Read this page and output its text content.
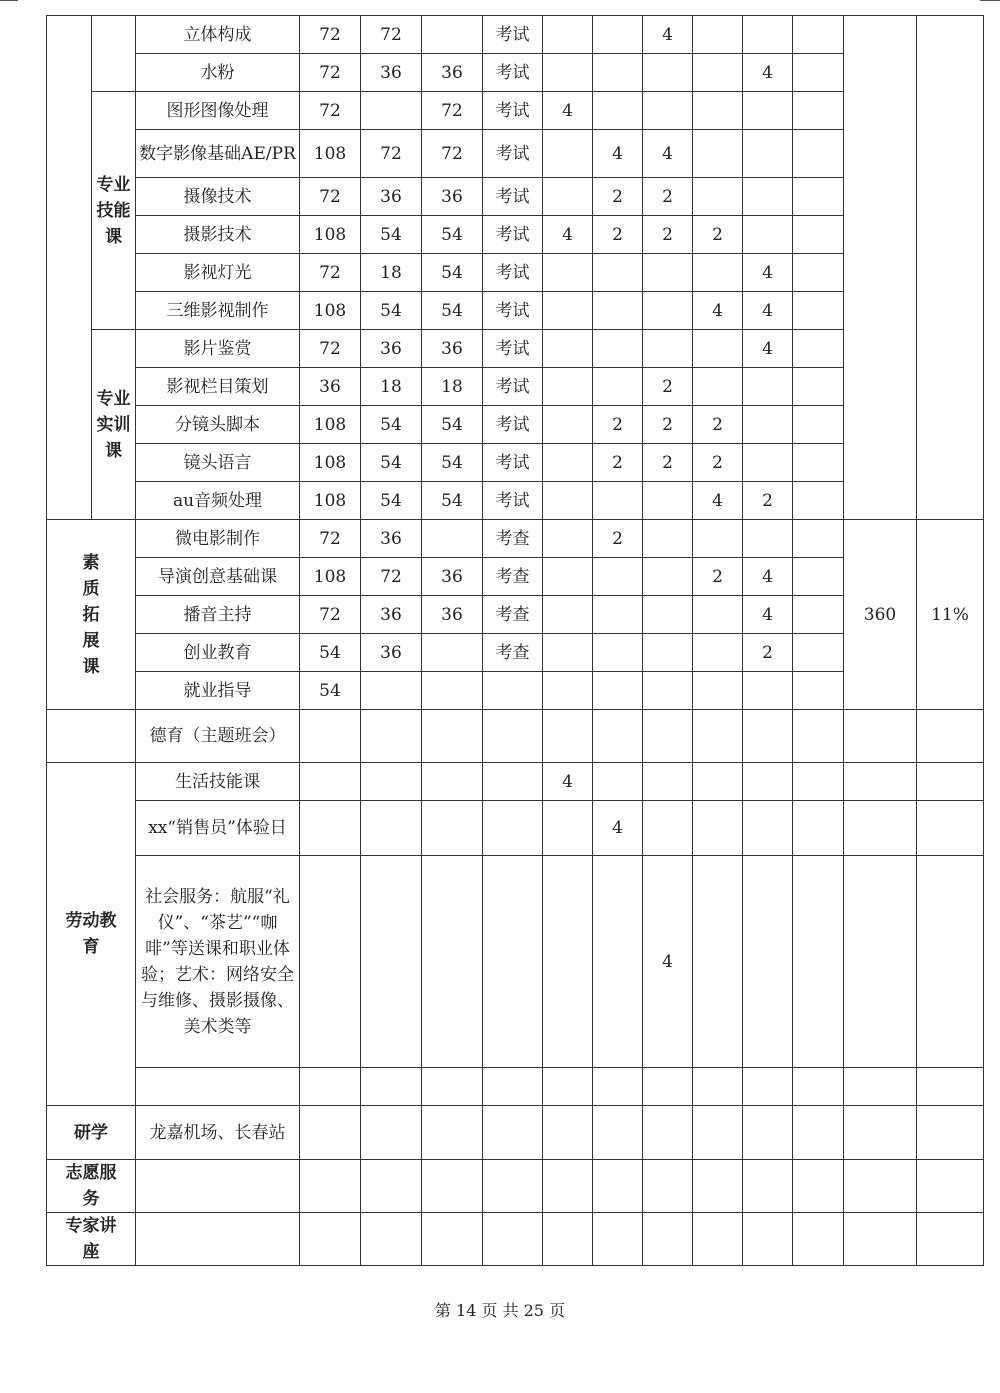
		立体构成	72	72		考试			4					
		水粉	72	36	36	考试					4			
	专业技能课	图形图像处理	72		72	考试	4							
		数字影像基础AE/PR	108	72	72	考试		4	4					
		摄像技术	72	36	36	考试		2	2					
		摄影技术	108	54	54	考试	4	2	2	2				
		影视灯光	72	18	54	考试					4			
		三维影视制作	108	54	54	考试				4	4			
	专业实训课	影片鉴赏	72	36	36	考试					4			
		影视栏目策划	36	18	18	考试			2					
		分镜头脚本	108	54	54	考试		2	2	2				
		镜头语言	108	54	54	考试		2	2	2				
		au音频处理	108	54	54	考试				4	2			

素质拓展课		微电影制作	72	36		考查		2					360	11%
		导演创意基础课	108	72	36	考查				2	4			
		播音主持	72	36	36	考查					4			
		创业教育	54	36		考查					2			
		就业指导	54											
		德育（主题班会）												

劳动教育		生活技能课					4							
		xx“销售员”体验日						4						
		社会服务：航服“礼仪”、“茶艺”“咖啡”等送课和职业体验；艺术：网络安全与维修、摄影摄像、美术类等							4					

研学		龙嘉机场、长春站												

志愿服务														

专家讲座														

第 14 页 共 25 页
